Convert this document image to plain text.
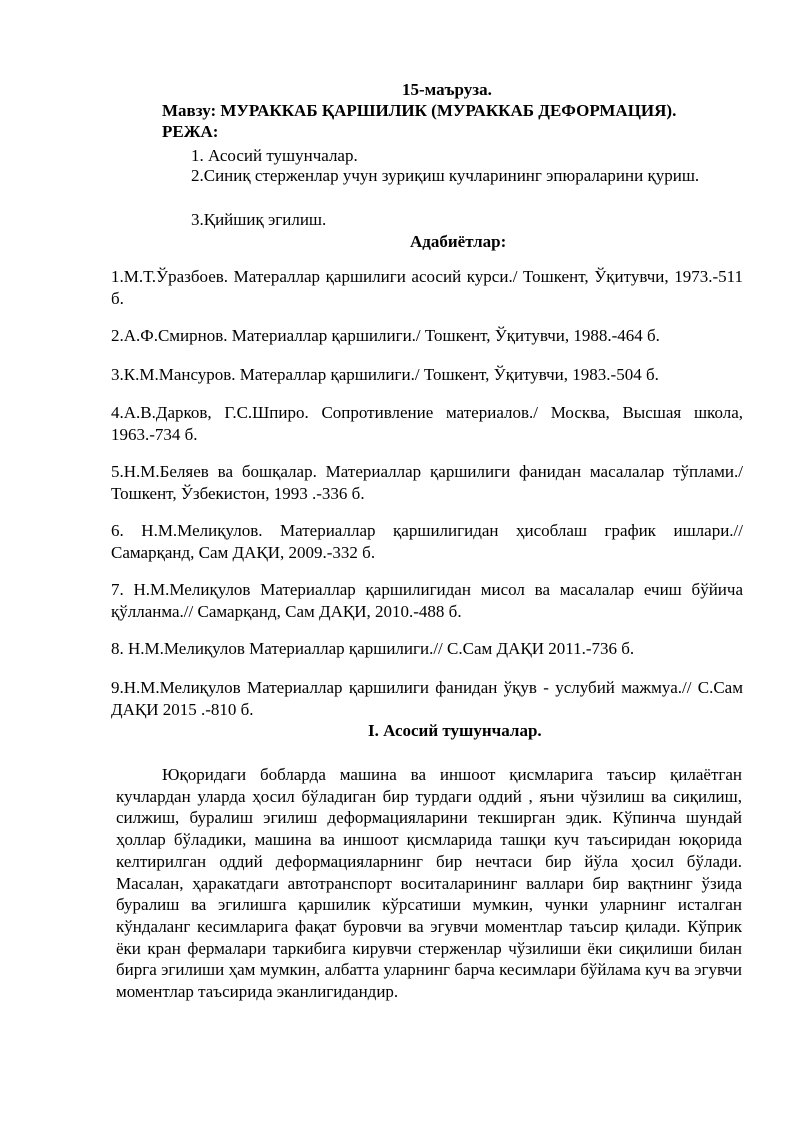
15-маъруза.
Мавзу: МУРАККАБ ҚАРШИЛИК (МУРАККАБ ДЕФОРМАЦИЯ).
РЕЖА:
1. Асосий тушунчалар.
2.Синиқ стерженлар учун зуриқиш кучларининг эпюраларини қуриш.
3.Қийшиқ эгилиш.
Адабиётлар:
1.М.Т.Ўразбоев. Матераллар қаршилиги асосий курси./ Тошкент, Ўқитувчи, 1973.-511 б.
2.А.Ф.Смирнов. Материаллар қаршилиги./ Тошкент, Ўқитувчи, 1988.-464 б.
3.К.М.Мансуров. Матераллар қаршилиги./ Тошкент, Ўқитувчи, 1983.-504 б.
4.А.В.Дарков, Г.С.Шпиро. Сопротивление материалов./ Москва, Высшая школа, 1963.-734 б.
5.Н.М.Беляев ва бошқалар. Материаллар қаршилиги фанидан масалалар тўплами./ Тошкент, Ўзбекистон, 1993 .-336 б.
6. Н.М.Мелиқулов. Материаллар қаршилигидан ҳисоблаш график ишлари.// Самарқанд, Сам ДАҚИ, 2009.-332 б.
7. Н.М.Мелиқулов Материаллар қаршилигидан мисол ва масалалар ечиш бўйича қўлланма.// Самарқанд, Сам ДАҚИ, 2010.-488 б.
8. Н.М.Мелиқулов Материаллар қаршилиги.// С.Сам ДАҚИ 2011.-736 б.
9.Н.М.Мелиқулов Материаллар қаршилиги фанидан ўқув - услубий мажмуа.// С.Сам ДАҚИ 2015 .-810 б.
I. Асосий тушунчалар.
Юқоридаги бобларда машина ва иншоот қисмларига таъсир қилаётган кучлардан уларда ҳосил бўладиган бир турдаги оддий , яъни чўзилиш ва сиқилиш, силжиш, буралиш эгилиш деформацияларини текширган эдик. Кўпинча шундай ҳоллар бўладики, машина ва иншоот қисмларида ташқи куч таъсиридан юқорида келтирилган оддий деформацияларнинг бир нечтаси бир йўла ҳосил бўлади. Масалан, ҳаракатдаги автотранспорт воситаларининг валлари бир вақтнинг ўзида буралиш ва эгилишга қаршилик кўрсатиши мумкин, чунки уларнинг исталган кўндаланг кесимларига фақат буровчи ва эгувчи моментлар таъсир қилади. Кўприк ёки кран фермалари таркибига кирувчи стерженлар чўзилиши ёки сиқилиши билан бирга эгилиши ҳам мумкин, албатта уларнинг барча кесимлари бўйлама куч ва эгувчи моментлар таъсирида эканлигидандир.
